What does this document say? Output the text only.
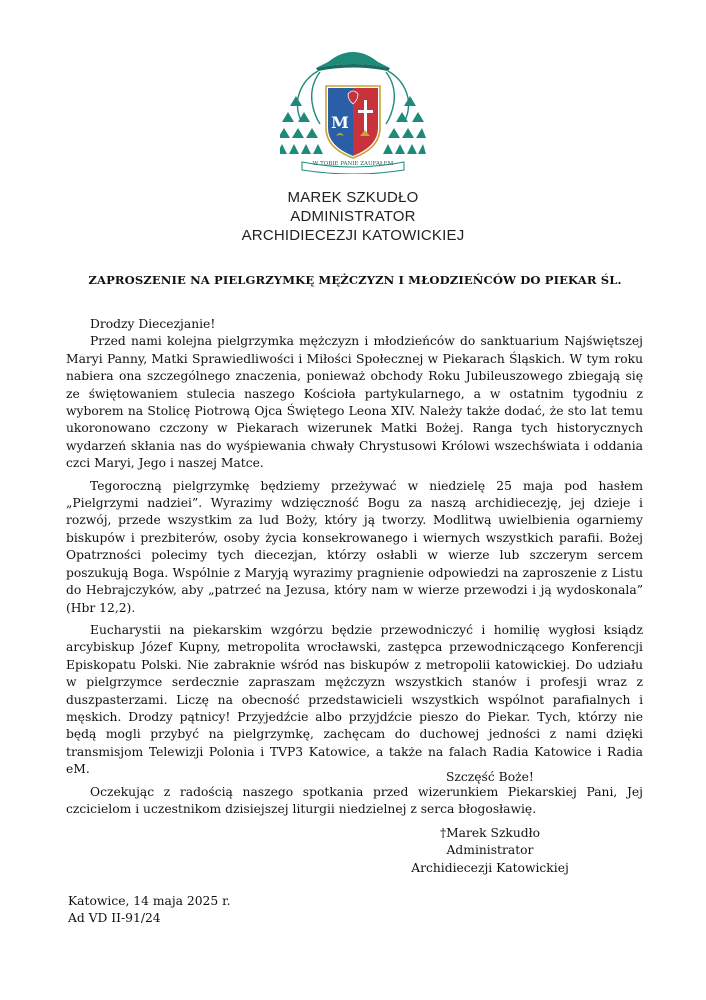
M
W TOBIE PANIE ZAUFAŁEM
MAREK SZKUDŁO
ADMINISTRATOR
ARCHIDIECEZJI KATOWICKIEJ
ZAPROSZENIE NA PIELGRZYMKĘ MĘŻCZYZN I MŁODZIEŃCÓW DO PIEKAR ŚL.

Drodzy Diecezjanie!

Przed nami kolejna pielgrzymka mężczyzn i młodzieńców do sanktuarium Najświętszej Maryi Panny, Matki Sprawiedliwości i Miłości Społecznej w Piekarach Śląskich. W tym roku nabiera ona szczególnego znaczenia, ponieważ obchody Roku Jubileuszowego zbiegają się ze świętowaniem stulecia naszego Kościoła partykularnego, a w ostatnim tygodniu z wyborem na Stolicę Piotrową Ojca Świętego Leona XIV. Należy także dodać, że sto lat temu ukoronowano czczony w Piekarach wizerunek Matki Bożej. Ranga tych historycznych wydarzeń skłania nas do wyśpiewania chwały Chrystusowi Królowi wszechświata i oddania czci Maryi, Jego i naszej Matce.

Tegoroczną pielgrzymkę będziemy przeżywać w niedzielę 25 maja pod hasłem „Pielgrzymi nadziei”. Wyrazimy wdzięczność Bogu za naszą archidiecezję, jej dzieje i rozwój, przede wszystkim za lud Boży, który ją tworzy. Modlitwą uwielbienia ogarniemy biskupów i prezbiterów, osoby życia konsekrowanego i wiernych wszystkich parafii. Bożej Opatrzności polecimy tych diecezjan, którzy osłabli w wierze lub szczerym sercem poszukują Boga. Wspólnie z Maryją wyrazimy pragnienie odpowiedzi na zaproszenie z Listu do Hebrajczyków, aby „patrzeć na Jezusa, który nam w wierze przewodzi i ją wydoskonala” (Hbr 12,2).

Eucharystii na piekarskim wzgórzu będzie przewodniczyć i homilię wygłosi ksiądz arcybiskup Józef Kupny, metropolita wrocławski, zastępca przewodniczącego Konferencji Episkopatu Polski. Nie zabraknie wśród nas biskupów z metropolii katowickiej. Do udziału w pielgrzymce serdecznie zapraszam mężczyzn wszystkich stanów i profesji wraz z duszpasterzami. Liczę na obecność przedstawicieli wszystkich wspólnot parafialnych i męskich. Drodzy pątnicy! Przyjedźcie albo przyjdźcie pieszo do Piekar. Tych, którzy nie będą mogli przybyć na pielgrzymkę, zachęcam do duchowej jedności z nami dzięki transmisjom Telewizji Polonia i TVP3 Katowice, a także na falach Radia Katowice i Radia eM.

Oczekując z radością naszego spotkania przed wizerunkiem Piekarskiej Pani, Jej czcicielom i uczestnikom dzisiejszej liturgii niedzielnej z serca błogosławię.

Szczęść Boże!
†Marek Szkudło
Administrator
Archidiecezji Katowickiej
Katowice, 14 maja 2025 r.
Ad VD II-91/24
